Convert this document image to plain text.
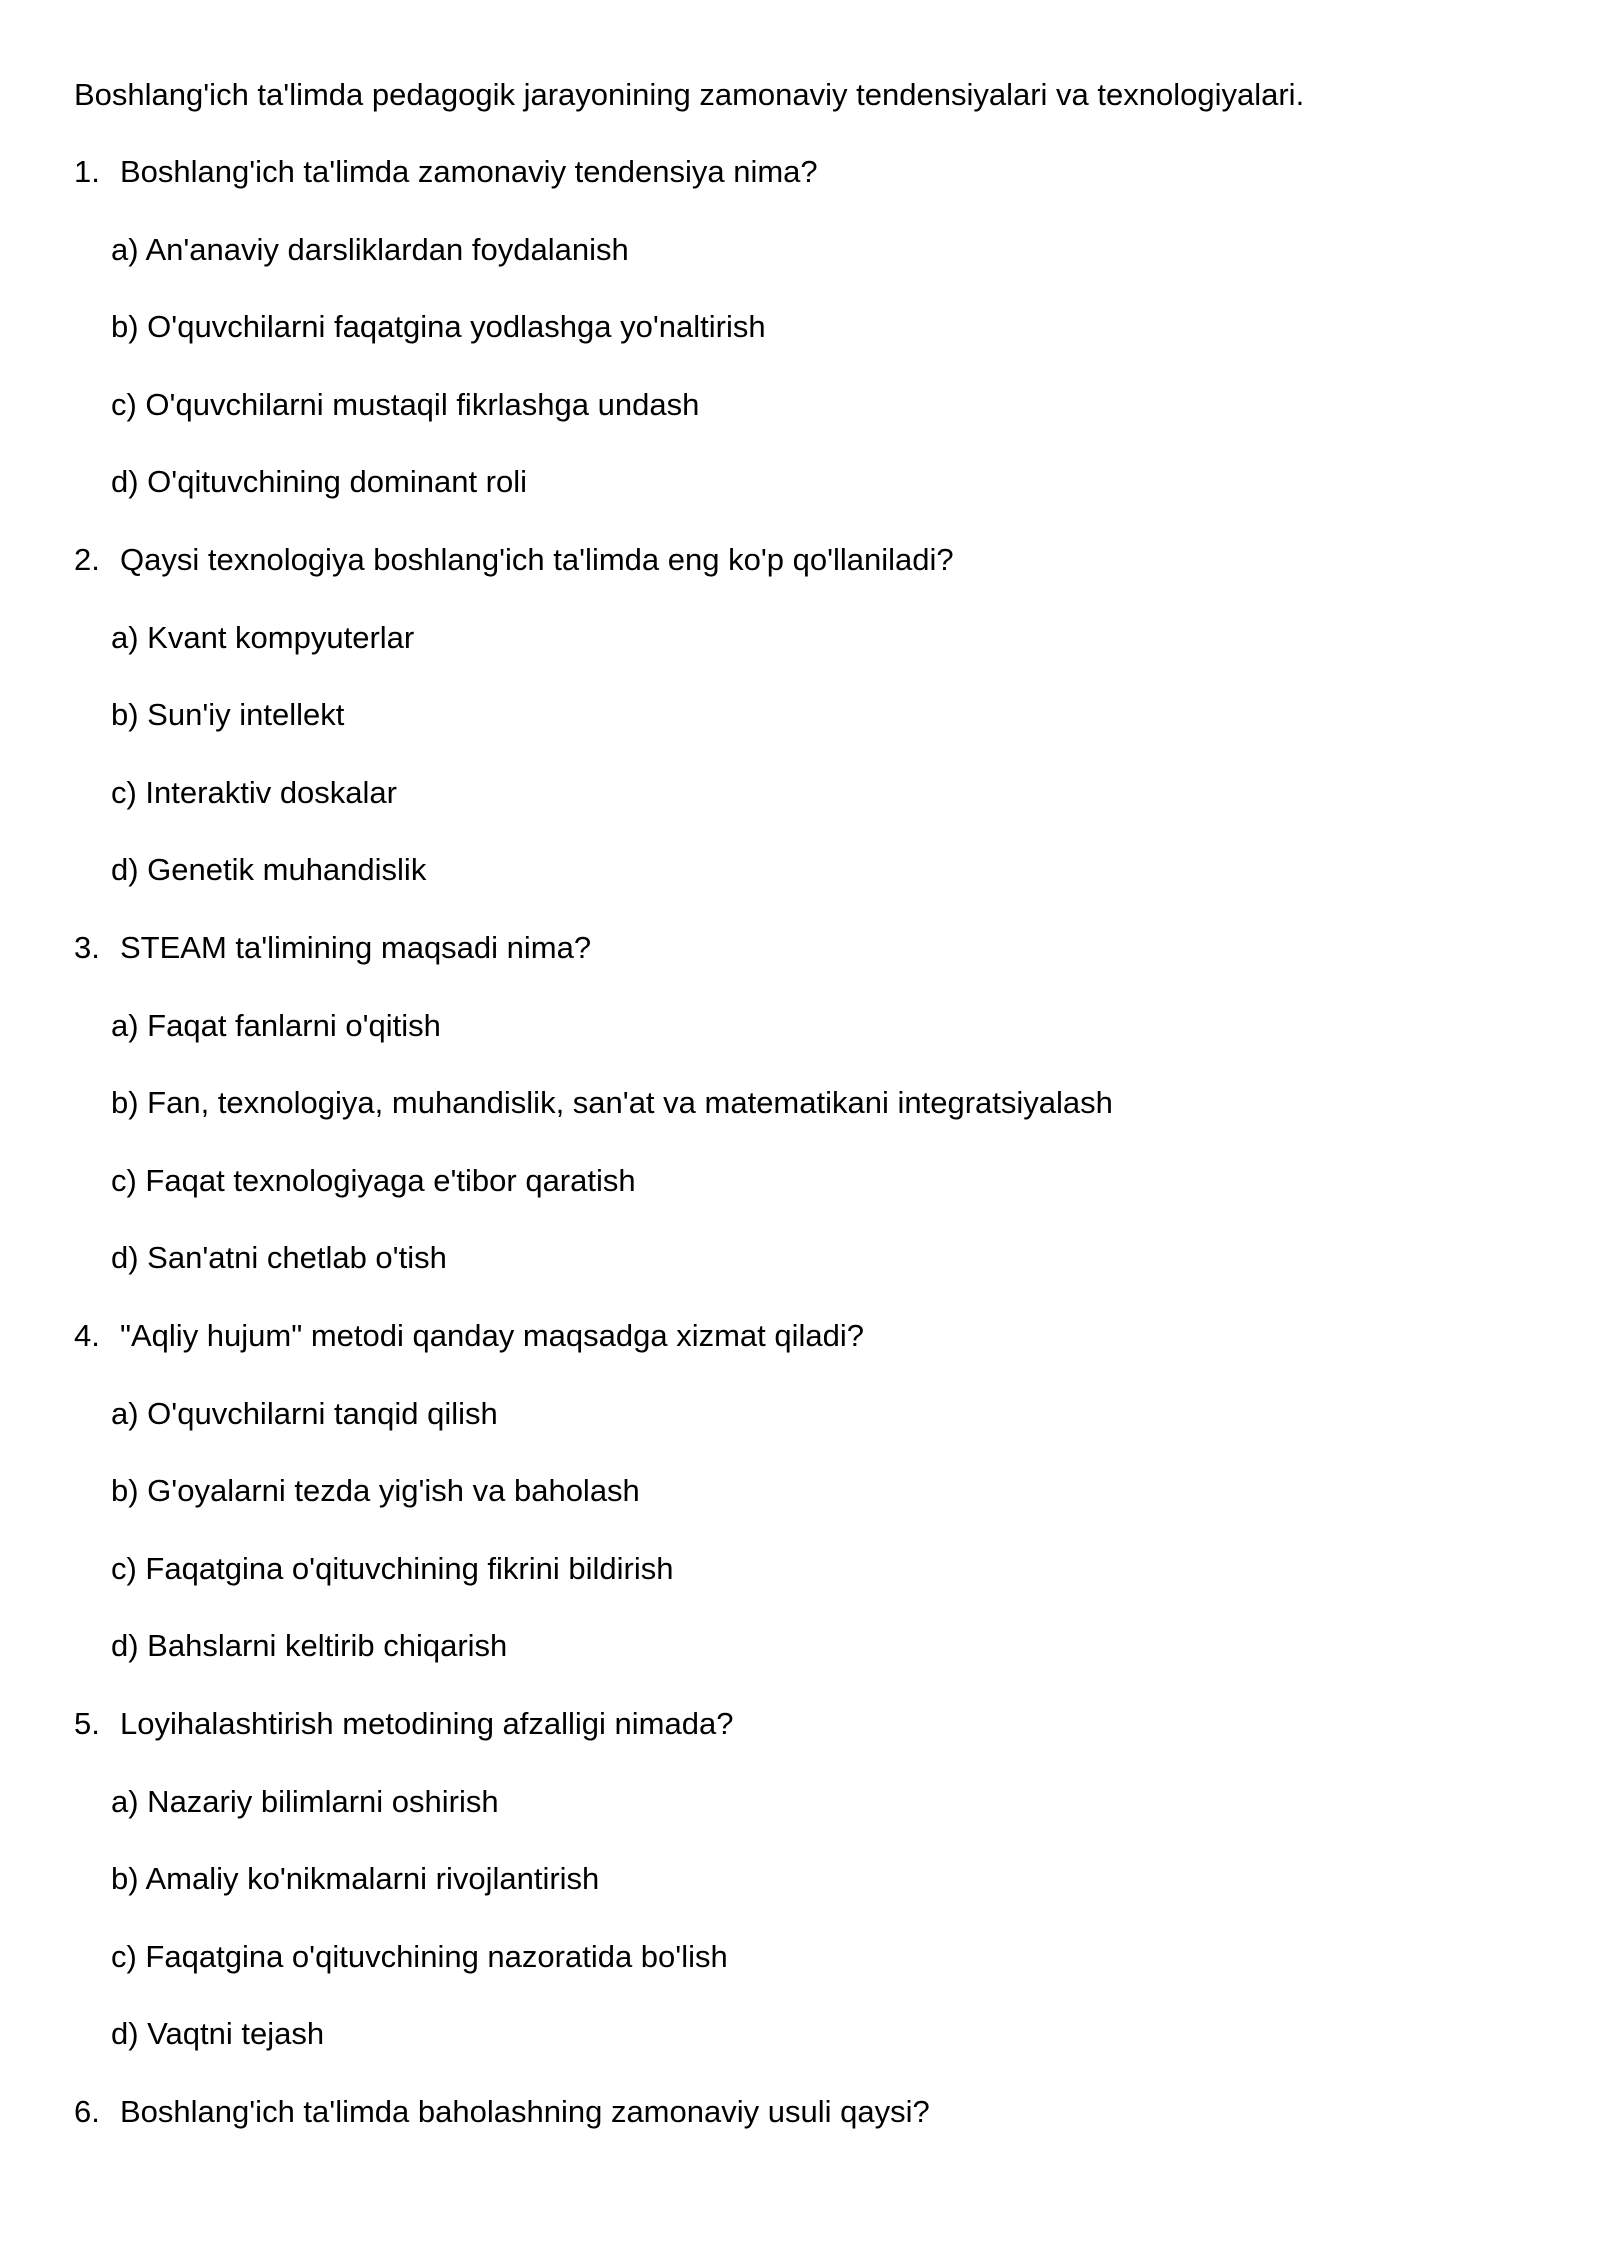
Boshlang'ich ta'limda pedagogik jarayonining zamonaviy tendensiyalari va texnologiyalari.
1. Boshlang'ich ta'limda zamonaviy tendensiya nima?
a) An'anaviy darsliklardan foydalanish
b) O'quvchilarni faqatgina yodlashga yo'naltirish
c) O'quvchilarni mustaqil fikrlashga undash
d) O'qituvchining dominant roli
2. Qaysi texnologiya boshlang'ich ta'limda eng ko'p qo'llaniladi?
a) Kvant kompyuterlar
b) Sun'iy intellekt
c) Interaktiv doskalar
d) Genetik muhandislik
3. STEAM ta'limining maqsadi nima?
a) Faqat fanlarni o'qitish
b) Fan, texnologiya, muhandislik, san'at va matematikani integratsiyalash
c) Faqat texnologiyaga e'tibor qaratish
d) San'atni chetlab o'tish
4. "Aqliy hujum" metodi qanday maqsadga xizmat qiladi?
a) O'quvchilarni tanqid qilish
b) G'oyalarni tezda yig'ish va baholash
c) Faqatgina o'qituvchining fikrini bildirish
d) Bahslarni keltirib chiqarish
5. Loyihalashtirish metodining afzalligi nimada?
a) Nazariy bilimlarni oshirish
b) Amaliy ko'nikmalarni rivojlantirish
c) Faqatgina o'qituvchining nazoratida bo'lish
d) Vaqtni tejash
6. Boshlang'ich ta'limda baholashning zamonaviy usuli qaysi?
